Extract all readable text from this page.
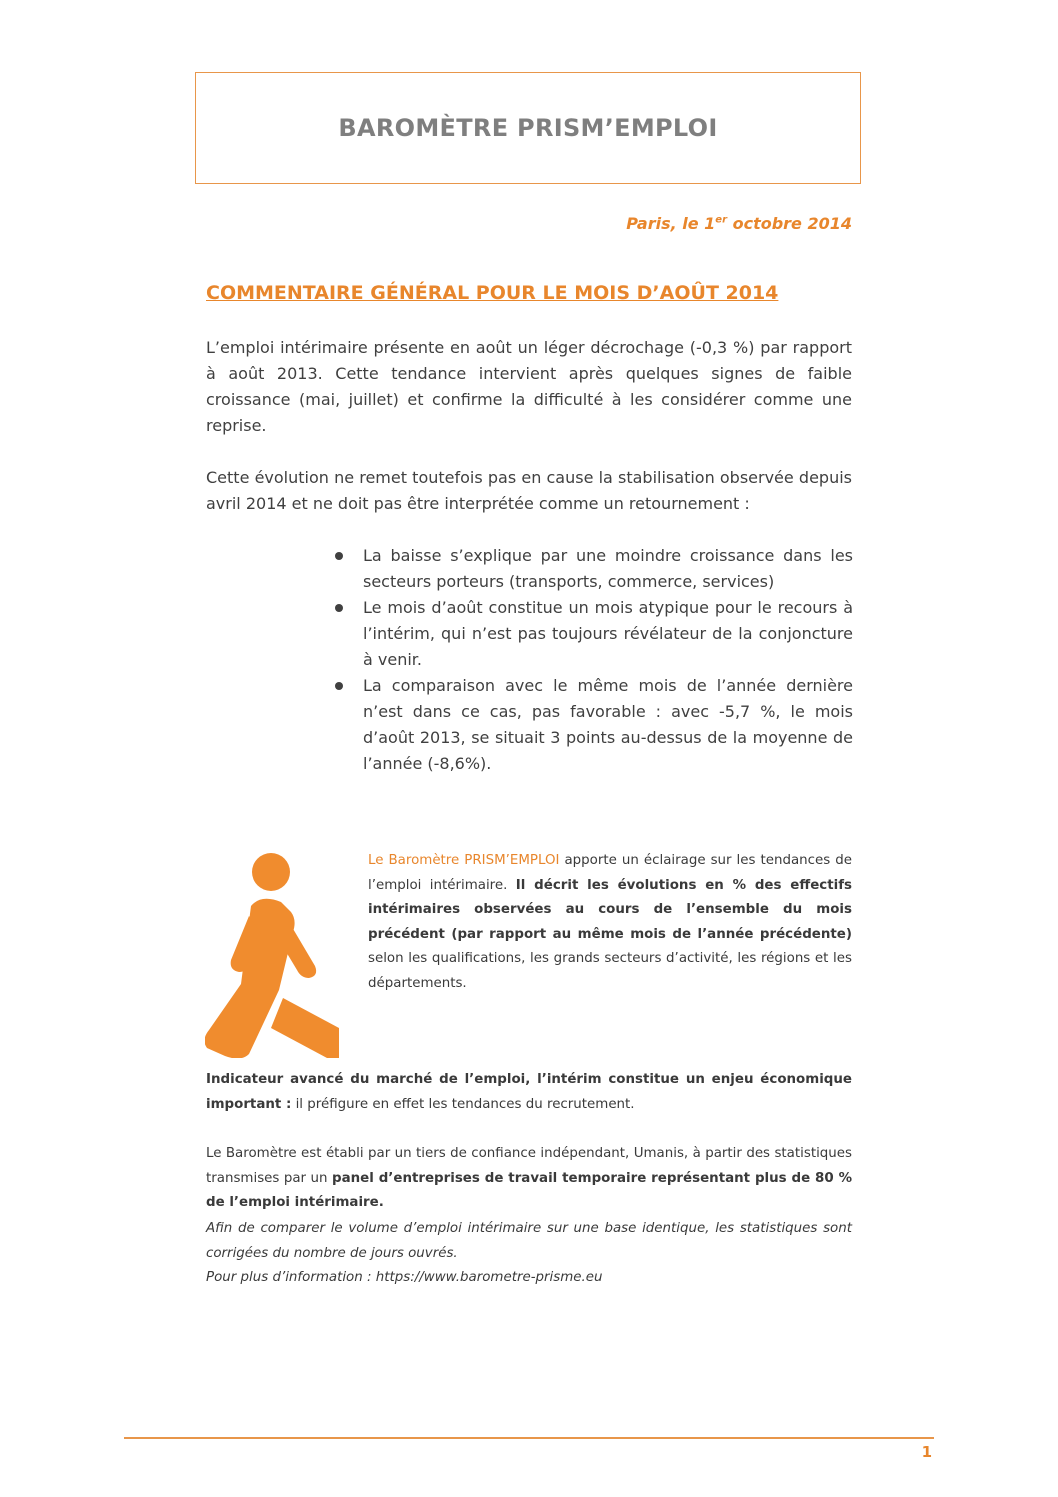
BAROMÈTRE PRISM’EMPLOI
Paris, le 1er octobre 2014
COMMENTAIRE GÉNÉRAL POUR LE MOIS D’AOÛT 2014

L’emploi intérimaire présente en août un léger décrochage (-0,3 %) par rapport à août 2013. Cette tendance intervient après quelques signes de faible croissance (mai, juillet) et confirme la difficulté à les considérer comme une reprise.

Cette évolution ne remet toutefois pas en cause la stabilisation observée depuis avril 2014 et ne doit pas être interprétée comme un retournement :

La baisse s’explique par une moindre croissance dans les secteurs porteurs (transports, commerce, services)
Le mois d’août constitue un mois atypique pour le recours à l’intérim, qui n’est pas toujours révélateur de la conjoncture à venir.
La comparaison avec le même mois de l’année dernière n’est dans ce cas, pas favorable : avec -5,7 %, le mois d’août 2013, se situait 3 points au-dessus de la moyenne de l’année (-8,6%).

Le Baromètre PRISM’EMPLOI apporte un éclairage sur les tendances de l’emploi intérimaire. Il décrit les évolutions en % des effectifs intérimaires observées au cours de l’ensemble du mois précédent (par rapport au même mois de l’année précédente) selon les qualifications, les grands secteurs d’activité, les régions et les départements.

Indicateur avancé du marché de l’emploi, l’intérim constitue un enjeu économique important : il préfigure en effet les tendances du recrutement.

Le Baromètre est établi par un tiers de confiance indépendant, Umanis, à partir des statistiques transmises par un panel d’entreprises de travail temporaire représentant plus de 80 % de l’emploi intérimaire.

Afin de comparer le volume d’emploi intérimaire sur une base identique, les statistiques sont corrigées du nombre de jours ouvrés.

Pour plus d’information : https://www.barometre-prisme.eu

1
